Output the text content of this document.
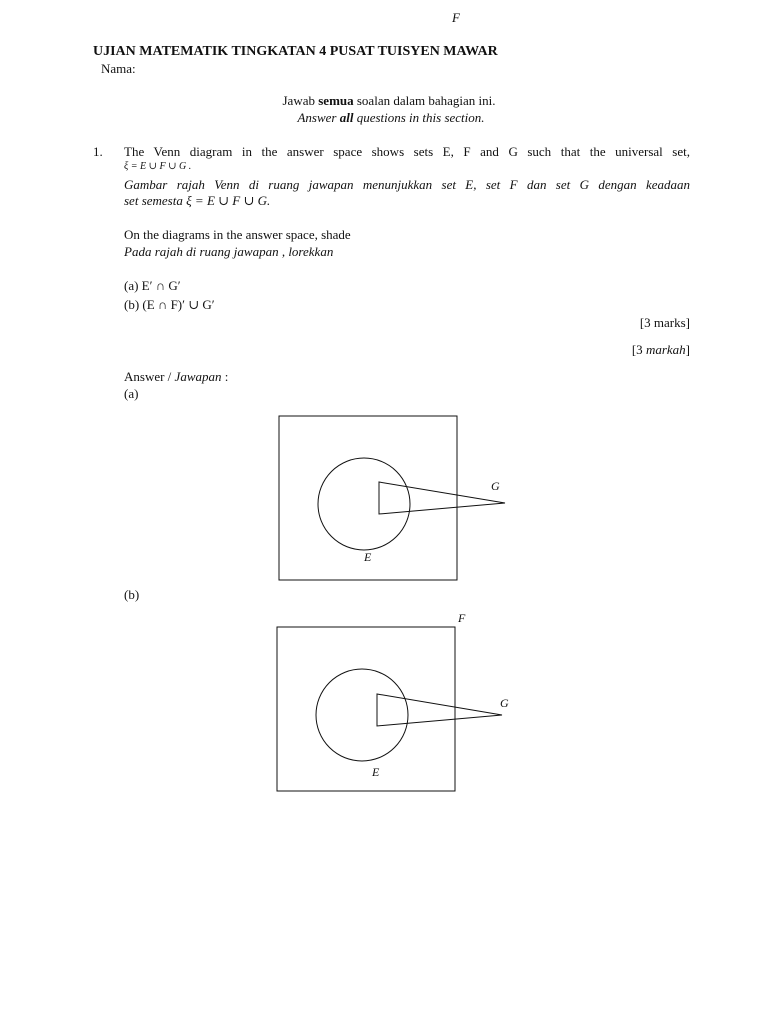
F
UJIAN MATEMATIK TINGKATAN 4 PUSAT TUISYEN MAWAR
Nama:
Jawab semua soalan dalam bahagian ini.
Answer all questions in this section.
1. The Venn diagram in the answer space shows sets E, F and G such that the universal set,
ξ = E ∪ F ∪ G .
Gambar rajah Venn di ruang jawapan menunjukkan set E, set F dan set G dengan keadaan
set semesta ξ = E ∪ F ∪ G.
On the diagrams in the answer space, shade
Pada rajah di ruang jawapan , lorekkan
(a) E′ ∩ G′
(b) (E ∩ F)′ ∪ G′
[3 marks]
[3 markah]
Answer / Jawapan :
(a)
(b)
E
G
F
E
G
